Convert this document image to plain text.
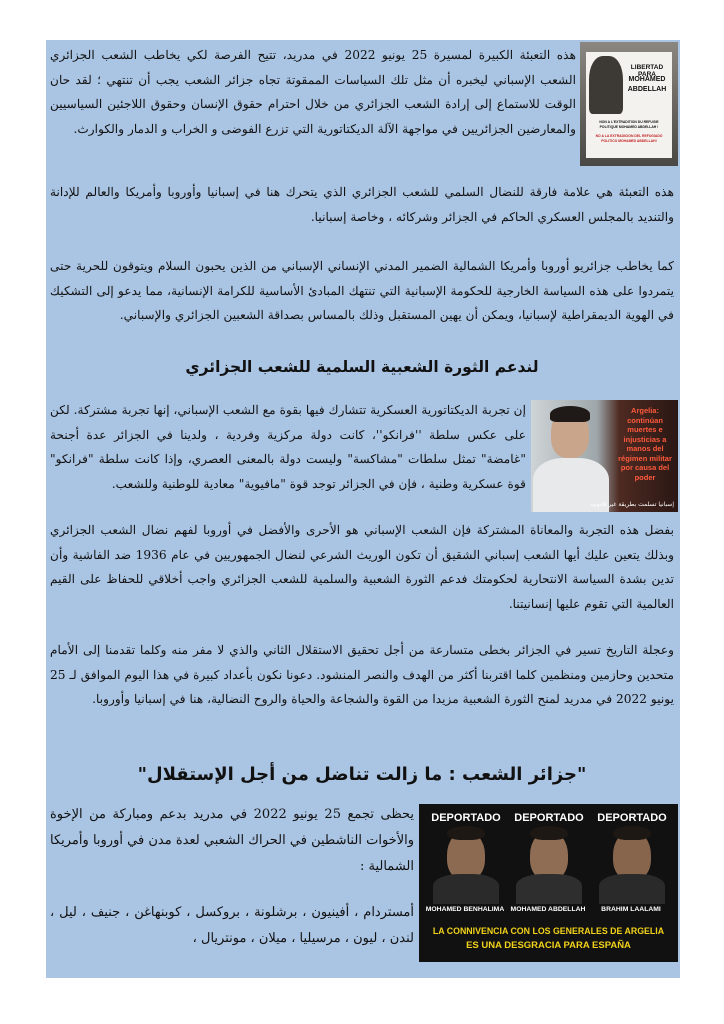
LIBERTAD PARA
MOHAMED
ABDELLAH
NON A L'EXTRADITION DU REFUGIE
POLITIQUE MOHAMED ABDELLAH !
NO A LA EXTRADICION DEL REFUGIADO
POLITICO MOHAMED ABDELLAH!

هذه التعبئة الكبيرة لمسيرة 25 يونيو 2022 في مدريد، تتيح الفرصة لكي يخاطب الشعب الجزائري الشعب الإسباني ليخبره أن مثل تلك السياسات الممقوتة تجاه جزائر الشعب يجب أن تنتهي ؛ لقد حان الوقت للاستماع إلى إرادة الشعب الجزائري من خلال احترام حقوق الإنسان وحقوق اللاجئين السياسيين والمعارضين الجزائريين في مواجهة الآلة الديكتاتورية التي تزرع الفوضى و الخراب و الدمار والكوارث.

هذه التعبئة هي علامة فارقة للنضال السلمي للشعب الجزائري الذي يتحرك هنا في إسبانيا وأوروبا وأمريكا والعالم للإدانة والتنديد بالمجلس العسكري الحاكم في الجزائر وشركائه ، وخاصة إسبانيا.

كما يخاطب جزائريو أوروبا وأمريكا الشمالية الضمير المدني الإنساني الإسباني من الذين يحبون السلام ويتوقون للحرية حتى يتمردوا على هذه السياسة الخارجية للحكومة الإسبانية التي تنتهك المبادئ الأساسية للكرامة الإنسانية، مما يدعو إلى التشكيك في الهوية الديمقراطية لإسبانيا، ويمكن أن يهين المستقبل وذلك بالمساس بصداقة الشعبين الجزائري والإسباني.

لندعم الثورة الشعبية السلمية للشعب الجزائري
Argelia: continúan muertes e injusticias a manos del régimen militar por causa del poder
إسبانيا تسلمت بطريقة غير قانونية

إن تجربة الديكتاتورية العسكرية تتشارك فيها بقوة مع الشعب الإسباني، إنها تجربة مشتركة. لكن على عكس سلطة ''فرانكو''، كانت دولة مركزية وفردية ، ولدينا في الجزائر عدة أجنحة "غامضة" تمثل سلطات "مشاكسة" وليست دولة بالمعنى العصري، وإذا كانت سلطة "فرانكو" قوة عسكرية وطنية ، فإن في الجزائر توجد قوة "مافيوية" معادية للوطنية وللشعب.

بفضل هذه التجربة والمعاناة المشتركة فإن الشعب الإسباني هو الأحرى والأفضل في أوروبا لفهم نضال الشعب الجزائري وبذلك يتعين عليك أيها الشعب إسباني الشقيق أن تكون الوريث الشرعي لنضال الجمهوريين في عام 1936 ضد الفاشية وأن تدين بشدة السياسة الانتحارية لحكومتك فدعم الثورة الشعبية والسلمية للشعب الجزائري واجب أخلاقي للحفاظ على القيم العالمية التي تقوم عليها إنسانيتنا.

وعجلة التاريخ تسير في الجزائر بخطى متسارعة من أجل تحقيق الاستقلال الثاني والذي لا مفر منه وكلما تقدمنا إلى الأمام متحدين وحازمين ومنظمين كلما اقتربنا أكثر من الهدف والنصر المنشود. دعونا نكون بأعداد كبيرة في هذا اليوم الموافق لـ 25 يونيو 2022 في مدريد لمنح الثورة الشعبية مزيدا من القوة والشجاعة والحياة والروح النضالية، هنا في إسبانيا وأوروبا.

"جزائر الشعب : ما زالت تناضل من أجل الإستقلال"
DEPORTADO
MOHAMED BENHALIMA
DEPORTADO
MOHAMED ABDELLAH
DEPORTADO
BRAHIM LAALAMI
LA CONNIVENCIA CON LOS GENERALES DE ARGELIA
ES UNA DESGRACIA PARA ESPAÑA

يحظى تجمع 25 يونيو 2022 في مدريد بدعم ومباركة من الإخوة والأخوات الناشطين في الحراك الشعبي لعدة مدن في أوروبا وأمريكا الشمالية :

أمستردام ، أفينيون ، برشلونة ، بروكسل ، كوبنهاغن ، جنيف ، ليل ، لندن ، ليون ، مرسيليا ، ميلان ، مونتريال ،
